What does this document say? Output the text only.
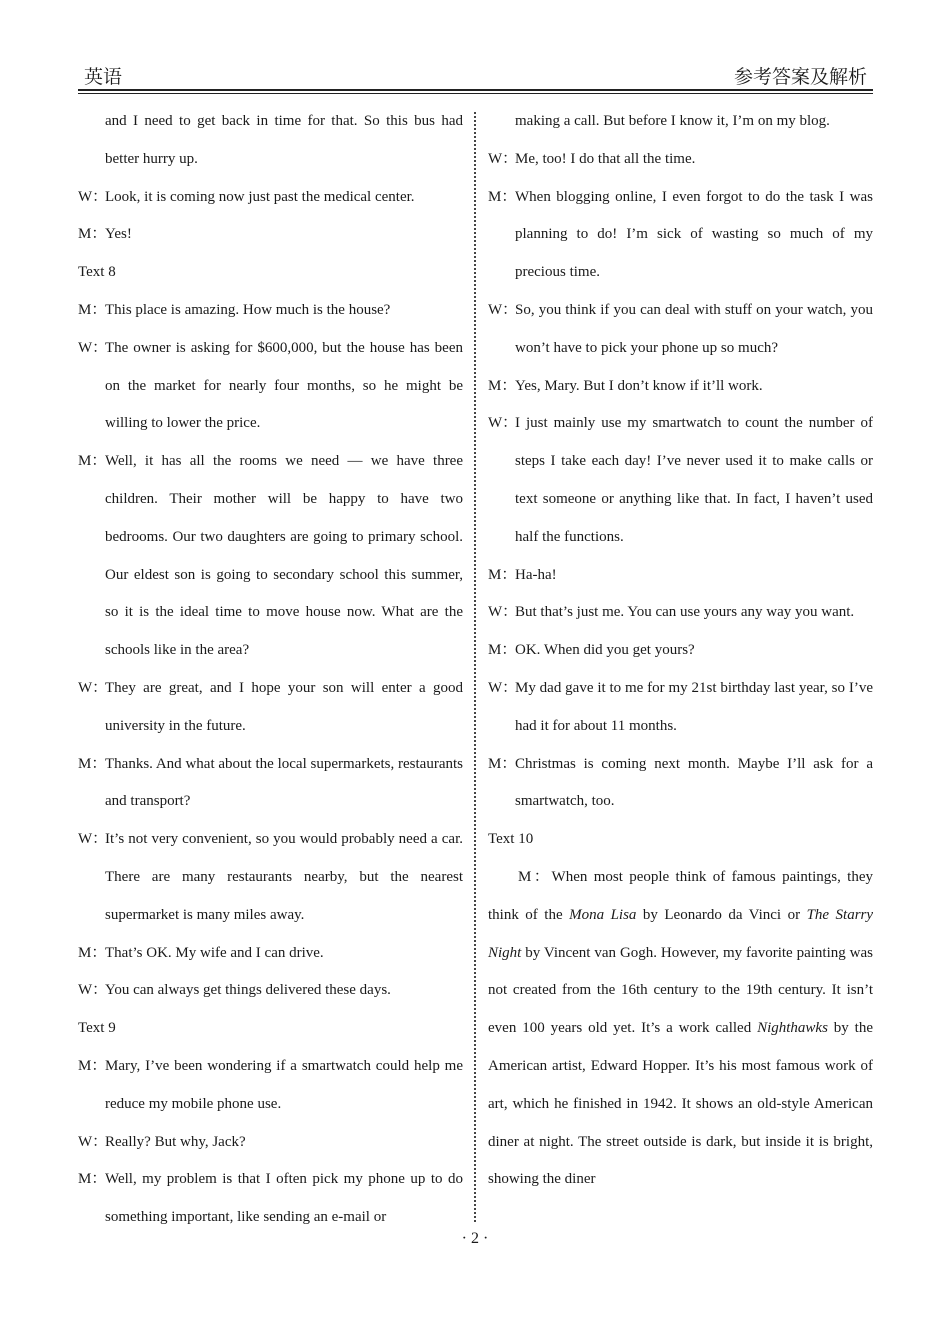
英语	参考答案及解析

and I need to get back in time for that. So this bus had better hurry up.

W：Look, it is coming now just past the medical center.

M：Yes!

Text 8

M：This place is amazing. How much is the house?

W：The owner is asking for $600,000, but the house has been on the market for nearly four months, so he might be willing to lower the price.

M：Well, it has all the rooms we need — we have three children. Their mother will be happy to have two bedrooms. Our two daughters are going to primary school. Our eldest son is going to secondary school this summer, so it is the ideal time to move house now. What are the schools like in the area?

W：They are great, and I hope your son will enter a good university in the future.

M：Thanks. And what about the local supermarkets, restaurants and transport?

W：It’s not very convenient, so you would probably need a car. There are many restaurants nearby, but the nearest supermarket is many miles away.

M：That’s OK. My wife and I can drive.

W：You can always get things delivered these days.

Text 9

M：Mary, I’ve been wondering if a smartwatch could help me reduce my mobile phone use.

W：Really? But why, Jack?

M：Well, my problem is that I often pick my phone up to do something important, like sending an e-mail or

making a call. But before I know it, I’m on my blog.

W：Me, too! I do that all the time.

M：When blogging online, I even forgot to do the task I was planning to do! I’m sick of wasting so much of my precious time.

W：So, you think if you can deal with stuff on your watch, you won’t have to pick your phone up so much?

M：Yes, Mary. But I don’t know if it’ll work.

W：I just mainly use my smartwatch to count the number of steps I take each day! I’ve never used it to make calls or text someone or anything like that. In fact, I haven’t used half the functions.

M：Ha-ha!

W：But that’s just me. You can use yours any way you want.

M：OK. When did you get yours?

W：My dad gave it to me for my 21st birthday last year, so I’ve had it for about 11 months.

M：Christmas is coming next month. Maybe I’ll ask for a smartwatch, too.

Text 10

M：When most people think of famous paintings, they think of the Mona Lisa by Leonardo da Vinci or The Starry Night by Vincent van Gogh. However, my favorite painting was not created from the 16th century to the 19th century. It isn’t even 100 years old yet. It’s a work called Nighthawks by the American artist, Edward Hopper. It’s his most famous work of art, which he finished in 1942. It shows an old-style American diner at night. The street outside is dark, but inside it is bright, showing the diner

· 2 ·
